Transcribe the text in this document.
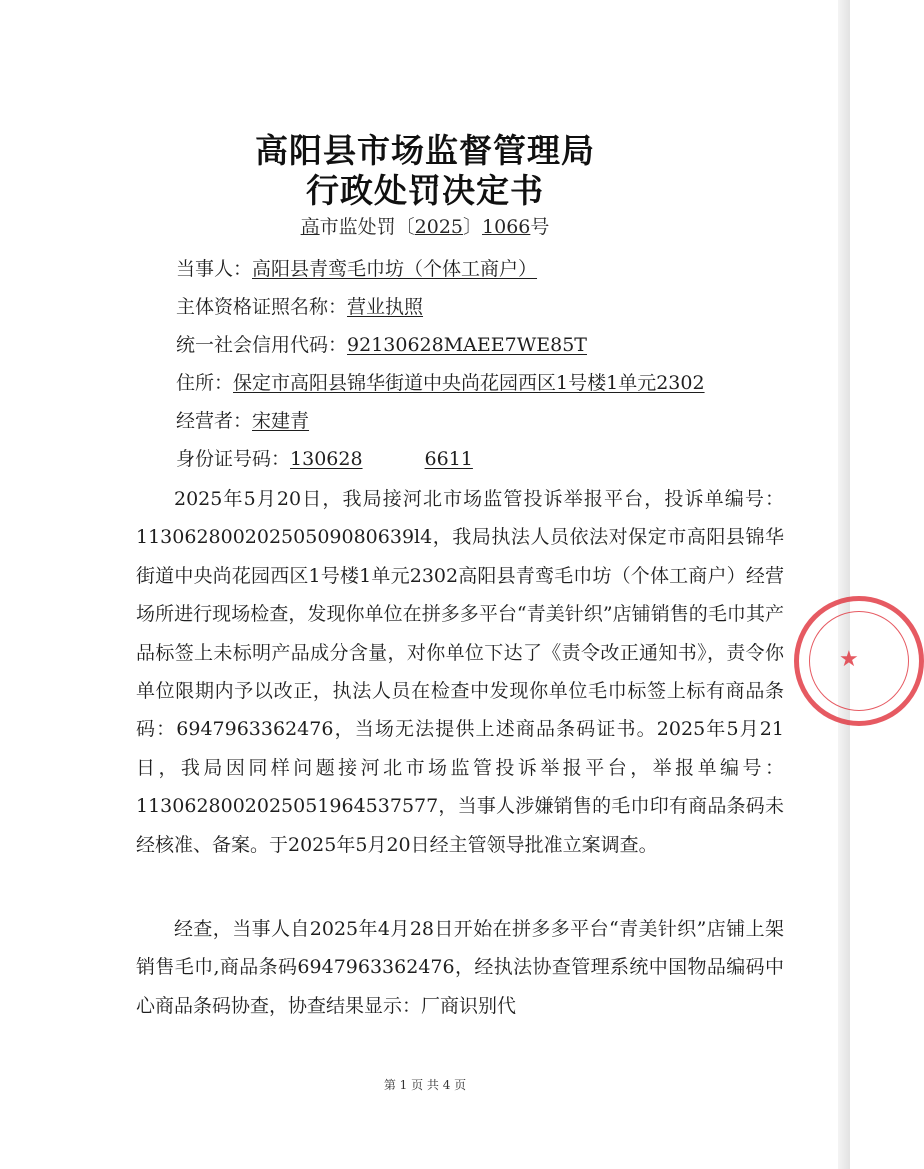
高阳县市场监督管理局
行政处罚决定书
高市监处罚〔2025〕1066号
当事人：高阳县青鸾毛巾坊（个体工商户）
主体资格证照名称：营业执照
统一社会信用代码：92130628MAEE7WE85T
住所：保定市高阳县锦华街道中央尚花园西区1号楼1单元2302
经营者：宋建青
身份证号码：130628	6611

2025年5月20日，我局接河北市场监管投诉举报平台，投诉单编号：11306280020250509080639l4，我局执法人员依法对保定市高阳县锦华街道中央尚花园西区1号楼1单元2302高阳县青鸾毛巾坊（个体工商户）经营场所进行现场检查，发现你单位在拼多多平台“青美针织”店铺销售的毛巾其产品标签上未标明产品成分含量，对你单位下达了《责令改正通知书》，责令你单位限期内予以改正，执法人员在检查中发现你单位毛巾标签上标有商品条码：6947963362476，当场无法提供上述商品条码证书。2025年5月21日，我局因同样问题接河北市场监管投诉举报平台，举报单编号：1130628002025051964537577，当事人涉嫌销售的毛巾印有商品条码未经核准、备案。于2025年5月20日经主管领导批准立案调查。

经查，当事人自2025年4月28日开始在拼多多平台“青美针织”店铺上架销售毛巾,商品条码6947963362476，经执法协查管理系统中国物品编码中心商品条码协查，协查结果显示：厂商识别代

第 1 页 共 4 页
★
